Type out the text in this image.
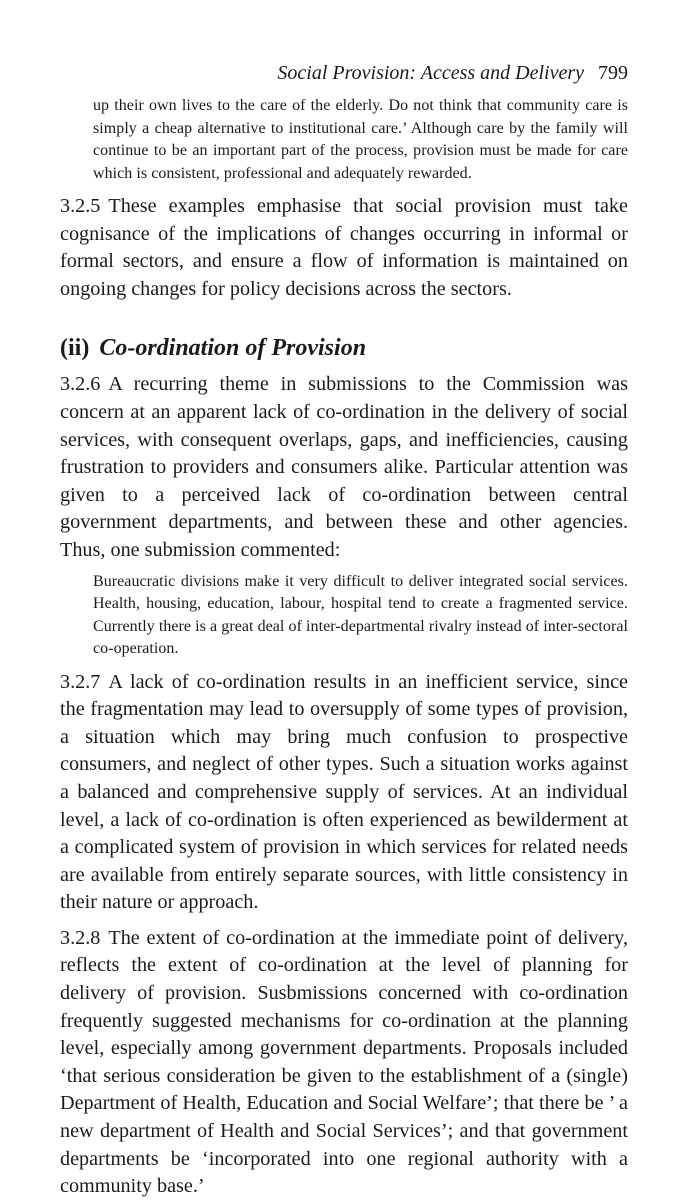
Social Provision: Access and Delivery 799

up their own lives to the care of the elderly. Do not think that community care is simply a cheap alternative to institutional care.’ Although care by the family will continue to be an important part of the process, provision must be made for care which is consistent, professional and adequately rewarded.

3.2.5 These examples emphasise that social provision must take cognisance of the implications of changes occurring in informal or formal sectors, and ensure a flow of information is maintained on ongoing changes for policy decisions across the sectors.

(ii) Co-ordination of Provision

3.2.6 A recurring theme in submissions to the Commission was concern at an apparent lack of co-ordination in the delivery of social services, with consequent overlaps, gaps, and inefficiencies, causing frustration to providers and consumers alike. Particular attention was given to a perceived lack of co-ordination between central government departments, and between these and other agencies. Thus, one submission commented:

Bureaucratic divisions make it very difficult to deliver integrated social services. Health, housing, education, labour, hospital tend to create a fragmented service. Currently there is a great deal of inter-departmental rivalry instead of inter-sectoral co-operation.

3.2.7 A lack of co-ordination results in an inefficient service, since the fragmentation may lead to oversupply of some types of provision, a situation which may bring much confusion to prospective consumers, and neglect of other types. Such a situation works against a balanced and comprehensive supply of services. At an individual level, a lack of co-ordination is often experienced as bewilderment at a complicated system of provision in which services for related needs are available from entirely separate sources, with little consistency in their nature or approach.

3.2.8 The extent of co-ordination at the immediate point of delivery, reflects the extent of co-ordination at the level of planning for delivery of provision. Susbmissions concerned with co-ordination frequently suggested mechanisms for co-ordination at the planning level, especially among government departments. Proposals included ‘that serious consideration be given to the establishment of a (single) Department of Health, Education and Social Welfare’; that there be ’ a new department of Health and Social Services’; and that government departments be ‘incorporated into one regional authority with a community base.’
